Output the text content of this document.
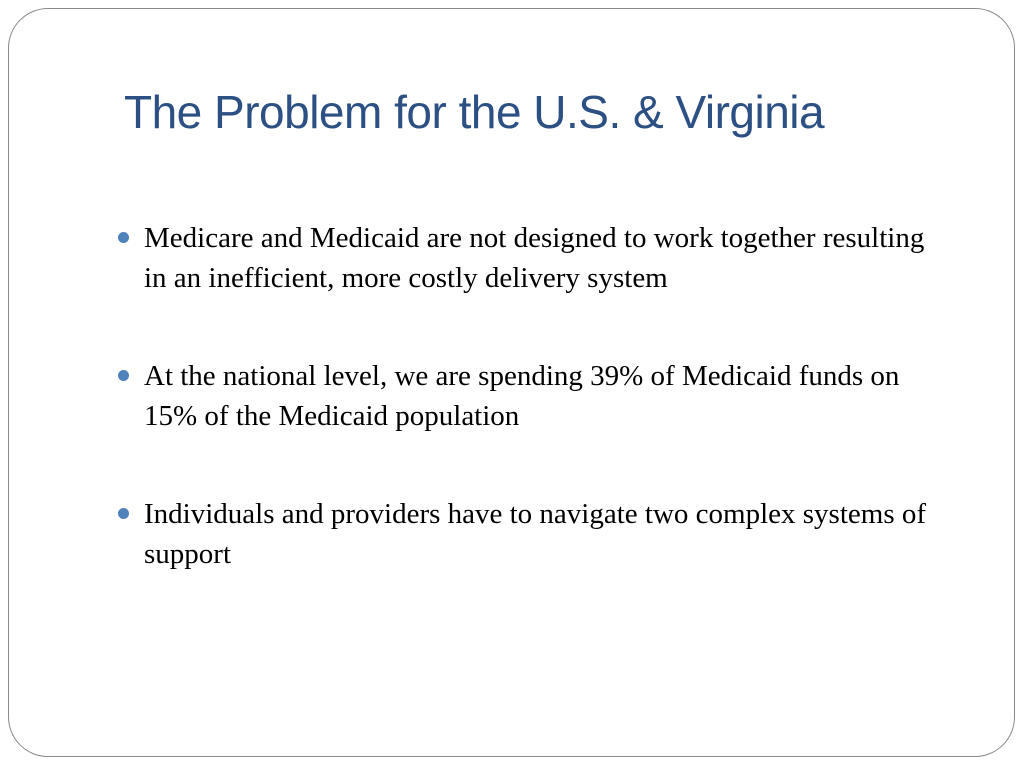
The Problem for the U.S. & Virginia
Medicare and Medicaid are not designed to work together resulting in an inefficient, more costly delivery system
At the national level, we are spending 39% of Medicaid funds on 15% of the Medicaid population
Individuals and providers have to navigate two complex systems of support
